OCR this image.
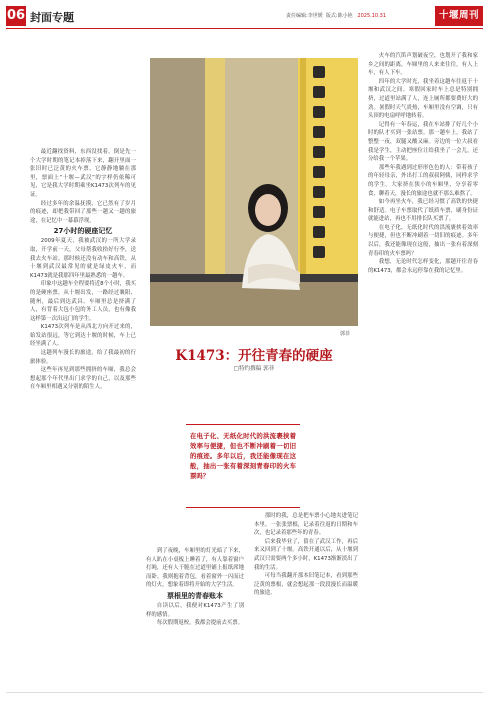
06 封面专题	责任编辑:李世媛 版式:陈小艳 2025.10.31	十堰周刊

最近翻找资料，东西没找着，倒是先一个大学时期的笔记本掉落下来，翻开里面一张旧时已泛黄的火车票，它静静地躺在那里，票面上“十堰—武汉”的字样仍依稀可见，它是我大学时期乘坐K1473次列车的见证。

经过多年的余温抚摸，它已然有了岁月的痕迹，却把我带回了那些一趟又一趟的旅途，在记忆中一幕幕浮现。

27小时的硬座记忆

2009年夏天，我被武汉的一所大学录取，开学前一天，父母帮我收拾好行李，送我去火车站。那时候还没有动车和高铁，从十堰到武汉最常见的就是绿皮火车，而K1473就是我那四年里最熟悉的一趟车。

印象中这趟车全程要将近8个小时，我买的是硬座票，从十堰出发，一路经过襄阳、随州，最后到达武昌。车厢里总是挤满了人，有背着大包小包的务工人员，也有像我这样第一次出远门的学生。

K1473次列车是从西北方向开过来的，始发站很远，等它到达十堰的时候，车上已经坐满了人。

这趟列车漫长的旅途，给了我最初的行旅体验。

这些年再见到那些拥挤的车厢，我总会想起那个年代里出门求学的自己，以及那些在车厢里相遇又分别的陌生人。

郭菲
K1473：开往青春的硬座
□特约撰稿 郭菲

到了夜晚，车厢里的灯光暗了下来，有人趴在小桌板上睡着了，有人靠着窗户打盹，还有人干脆在过道里铺上报纸席地而卧。我则抱着背包，看着窗外一闪而过的灯火，想象着即将开始的大学生活。

票根里的青春账本

自读以后，我便对K1473产生了别样的感情。

每次假期返校，我都会提前去买票。

那时的我，总是把车票小心地夹进笔记本里。一张张票根，记录着往返的日期和车次，也记录着那些年的青春。

后来我毕业了，留在了武汉工作，再后来又回到了十堰。高铁开通以后，从十堰到武汉只需要两个多小时，K1473渐渐淡出了我的生活。

可每当我翻开那本旧笔记本，看到那些泛黄的票根，就会想起那一段段漫长而温暖的旅途。

在电子化、无纸化时代的洪流裹挟着效率与便捷，但也不断冲刷着一切旧的痕迹。多年以后，我还能像现在这般，抽出一张有着深刻青春印的火车票吗？

火车的汽笛声划破夜空，也划开了我和家乡之间的距离，车厢里的人来来往往，有人上车，有人下车。

四年的大学时光，我坐着这趟车往返于十堰和武汉之间。寒假回家时车上总是特别拥挤，过道里站满了人，连上厕所都要费好大的劲。暑假时天气炎热，车厢里没有空调，只有头顶的电扇呼呼地转着。

记得有一年春运，我在车站排了好几个小时的队才买到一张站票。那一趟车上，我站了整整一夜，双腿又酸又麻。旁边的一位大叔看我是学生，主动把座位让给我坐了一会儿，还分给我一个苹果。

那些年我遇到过形形色色的人：带着孩子的年轻母亲，外出打工的叔叔阿姨，同样求学的学生。大家挤在狭小的车厢里，分享着零食，聊着天，漫长的旅途也就不那么难熬了。

如今再坐火车，我已经习惯了高铁的快捷和舒适。电子车票取代了纸质车票，刷身份证就能进站，再也不用排长队买票了。

在电子化、无纸化时代的洪流裹挟着效率与便捷，但也不断冲刷着一切旧的痕迹。多年以后，我还能像现在这般，抽出一张有着深刻青春印的火车票吗？

我想，无论时代怎样变化，那趟开往青春的K1473，都会永远停靠在我的记忆里。
